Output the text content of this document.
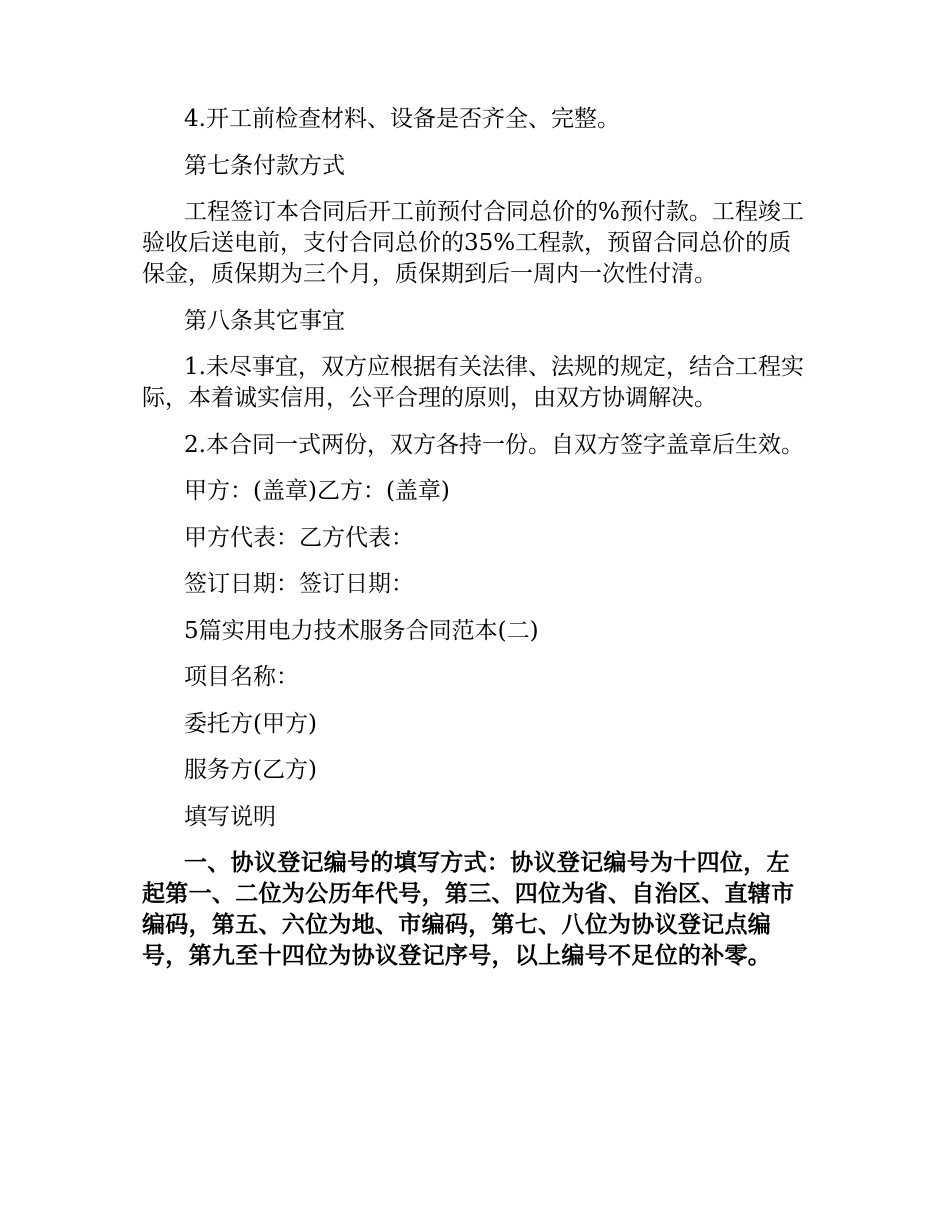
4.开工前检查材料、设备是否齐全、完整。

第七条付款方式

工程签订本合同后开工前预付合同总价的%预付款。工程竣工验收后送电前，支付合同总价的35%工程款，预留合同总价的质保金，质保期为三个月，质保期到后一周内一次性付清。

第八条其它事宜

1.未尽事宜，双方应根据有关法律、法规的规定，结合工程实际，本着诚实信用，公平合理的原则，由双方协调解决。

2.本合同一式两份，双方各持一份。自双方签字盖章后生效。

甲方：(盖章)乙方：(盖章)

甲方代表：乙方代表：

签订日期：签订日期：

5篇实用电力技术服务合同范本(二)

项目名称：

委托方(甲方)

服务方(乙方)

填写说明

一、协议登记编号的填写方式：协议登记编号为十四位，左起第一、二位为公历年代号，第三、四位为省、自治区、直辖市编码，第五、六位为地、市编码，第七、八位为协议登记点编号，第九至十四位为协议登记序号，以上编号不足位的补零。
